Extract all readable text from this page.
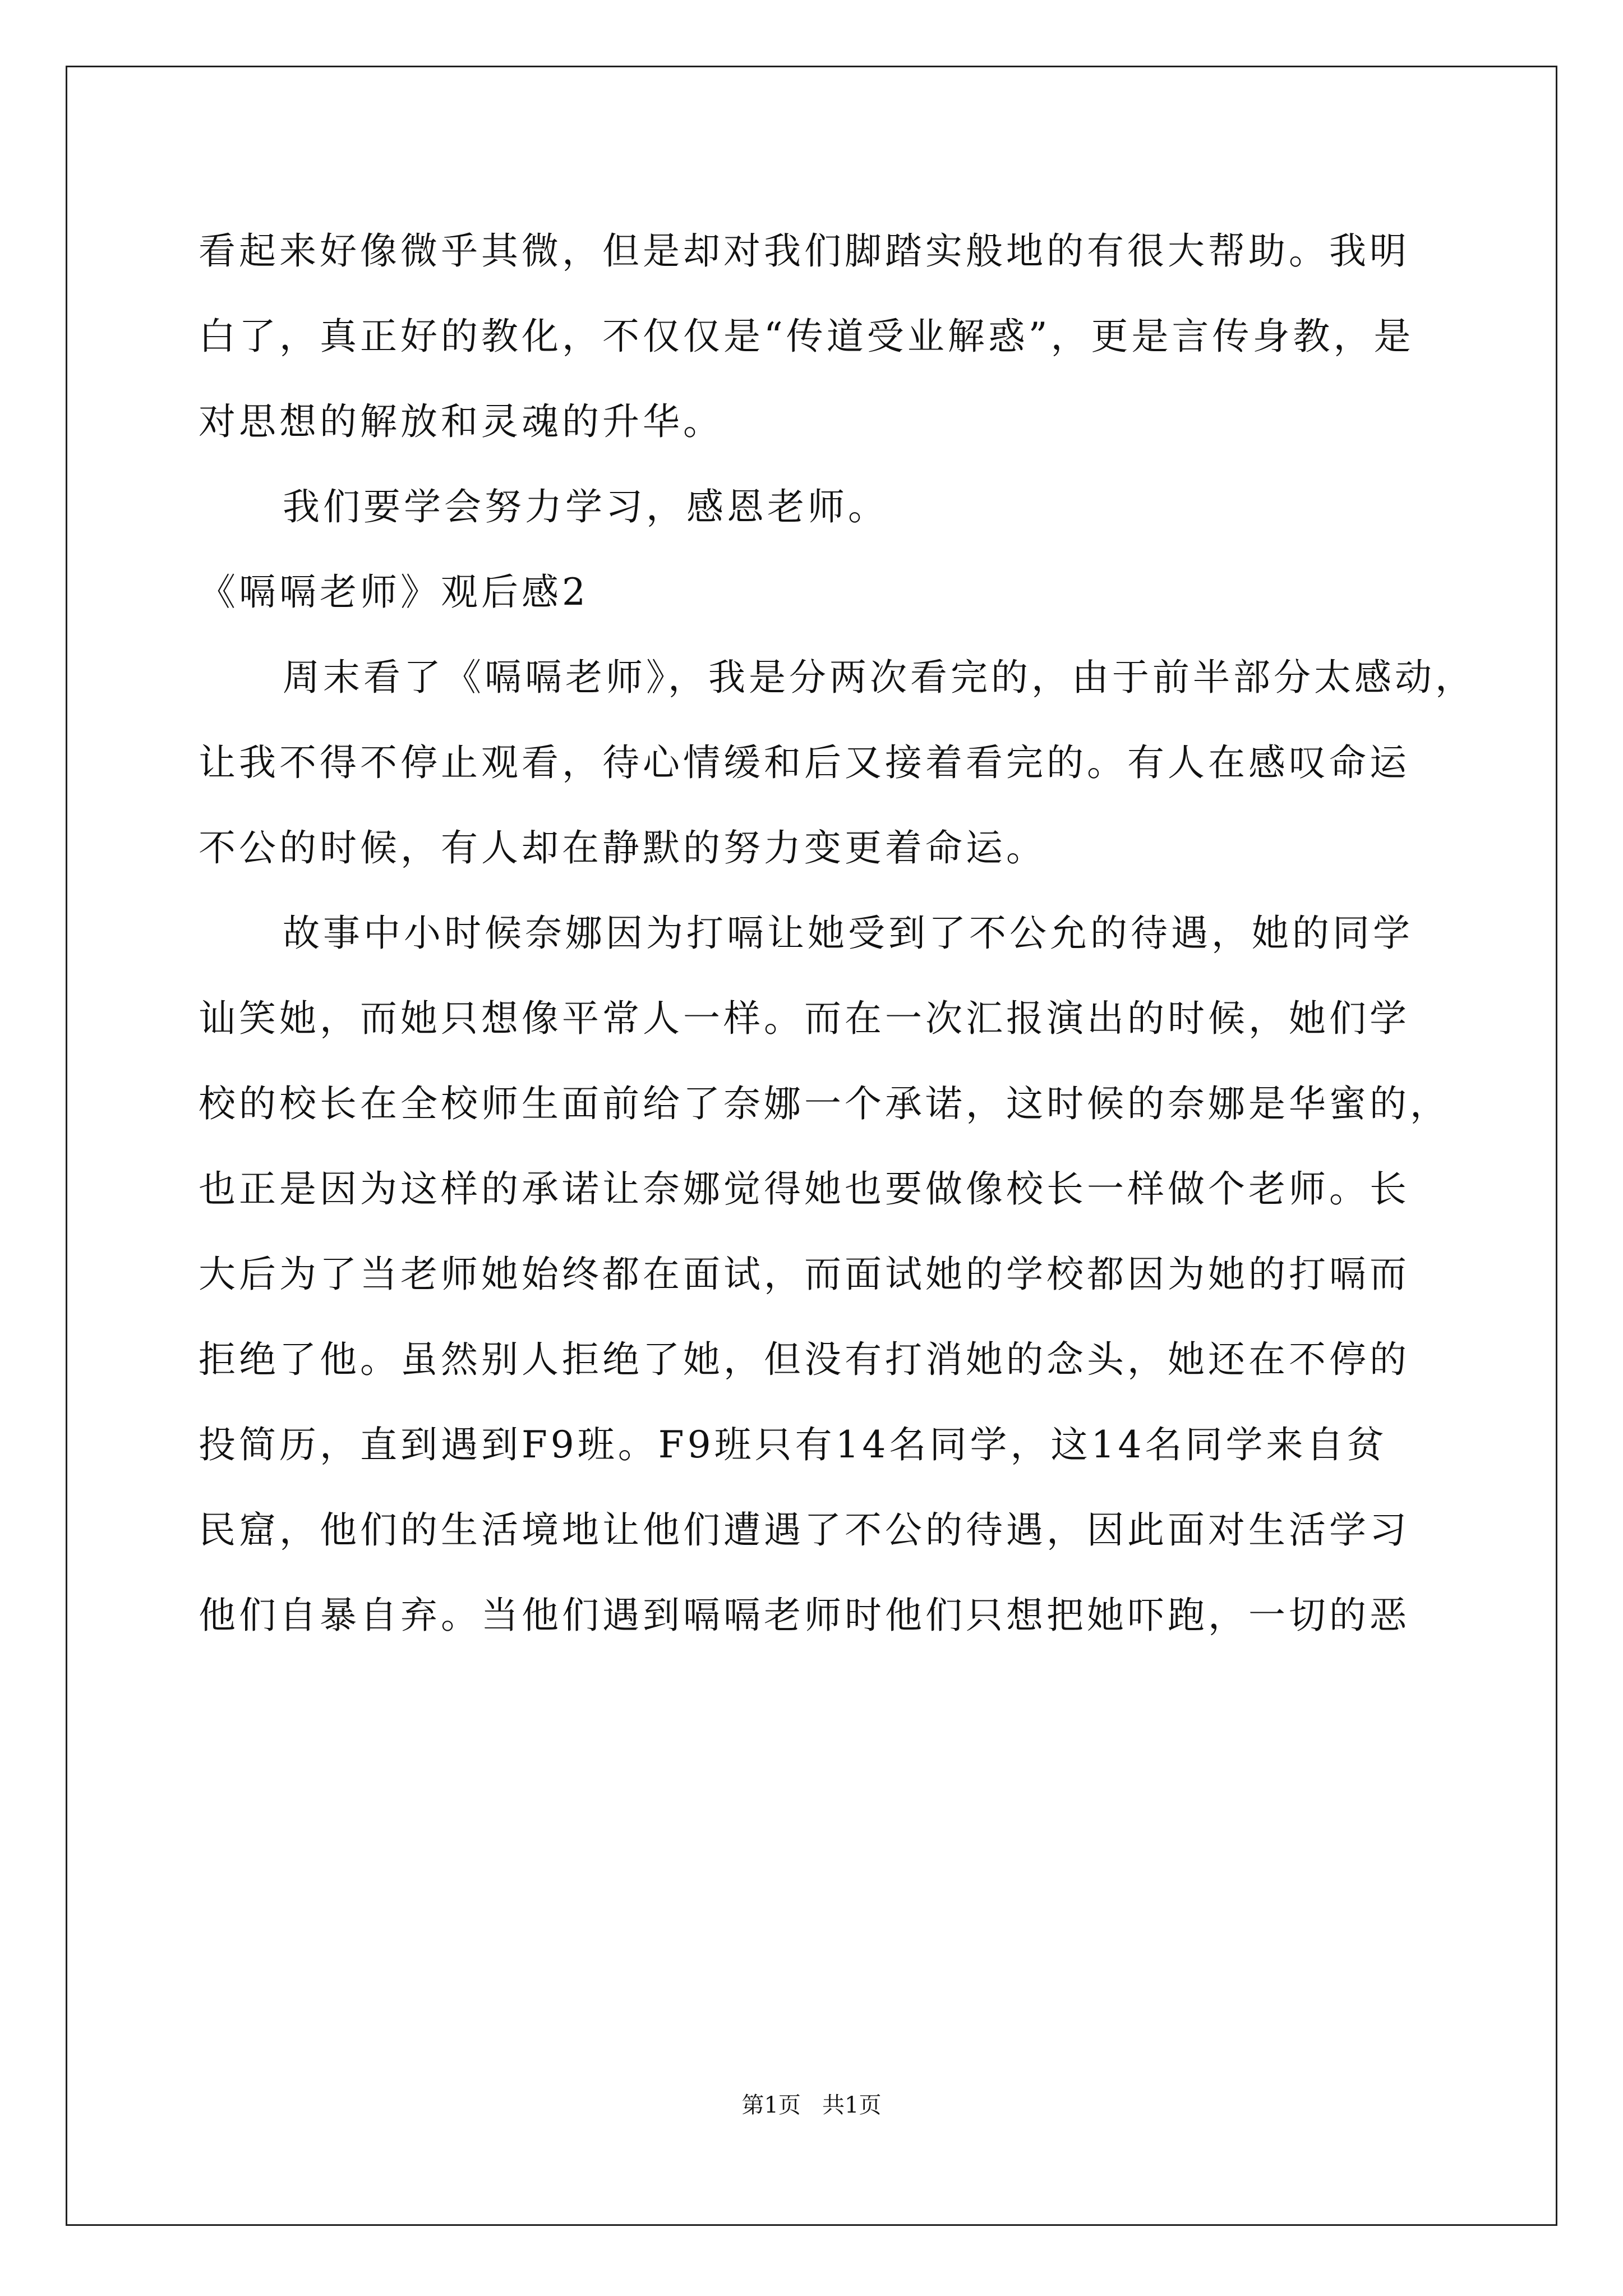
看起来好像微乎其微，但是却对我们脚踏实般地的有很大帮助。我明
白了，真正好的教化，不仅仅是“传道受业解惑”，更是言传身教，是
对思想的解放和灵魂的升华。
我们要学会努力学习，感恩老师。
《嗝嗝老师》观后感2
周末看了《嗝嗝老师》，我是分两次看完的，由于前半部分太感动，
让我不得不停止观看，待心情缓和后又接着看完的。有人在感叹命运
不公的时候，有人却在静默的努力变更着命运。
故事中小时候奈娜因为打嗝让她受到了不公允的待遇，她的同学
讪笑她，而她只想像平常人一样。而在一次汇报演出的时候，她们学
校的校长在全校师生面前给了奈娜一个承诺，这时候的奈娜是华蜜的，
也正是因为这样的承诺让奈娜觉得她也要做像校长一样做个老师。长
大后为了当老师她始终都在面试，而面试她的学校都因为她的打嗝而
拒绝了他。虽然别人拒绝了她，但没有打消她的念头，她还在不停的
投简历，直到遇到F9班。F9班只有14名同学，这14名同学来自贫
民窟，他们的生活境地让他们遭遇了不公的待遇，因此面对生活学习
他们自暴自弃。当他们遇到嗝嗝老师时他们只想把她吓跑，一切的恶
第1页   共1页
